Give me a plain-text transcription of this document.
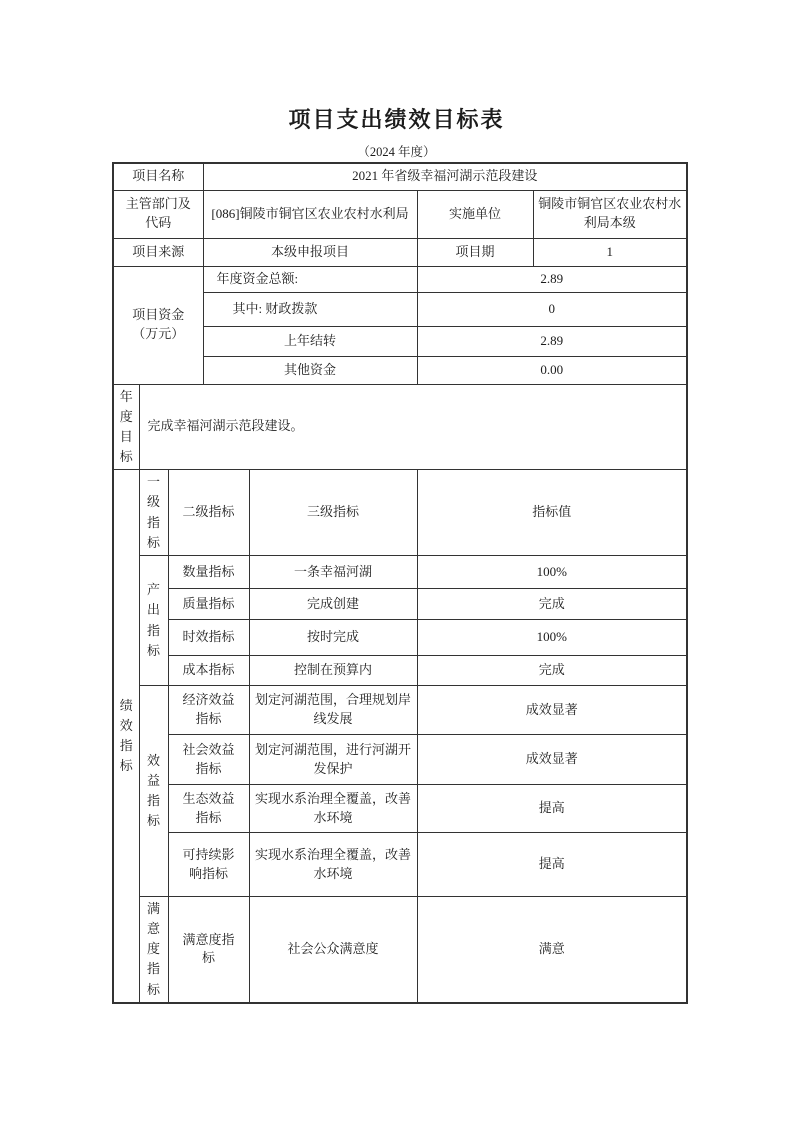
项目支出绩效目标表
（2024 年度）
项目名称			2021 年省级幸福河湖示范段建设			
主管部门及代码			[086]铜陵市铜官区农业农村水利局		实施单位	铜陵市铜官区农业农村水利局本级
项目来源			本级申报项目		项目期	1

项目资金
（万元）			年度资金总额:		2.89	
			其中: 财政拨款		0	
			上年结转		2.89	
			其他资金		0.00	
年度目标	完成幸福河湖示范段建设。					
绩效指标	一级指标	二级指标		三级指标	指标值	
	产出指标	数量指标		一条幸福河湖	100%	
		质量指标		完成创建	完成	
		时效指标		按时完成	100%	
		成本指标		控制在预算内	完成	
	效益指标	经济效益指标		划定河湖范围，合理规划岸线发展	成效显著	
		社会效益指标		划定河湖范围，进行河湖开发保护	成效显著	
		生态效益指标		实现水系治理全覆盖，改善水环境	提高	
		可持续影响指标		实现水系治理全覆盖，改善水环境	提高	
	满意度指标	满意度指标		社会公众满意度	满意	
